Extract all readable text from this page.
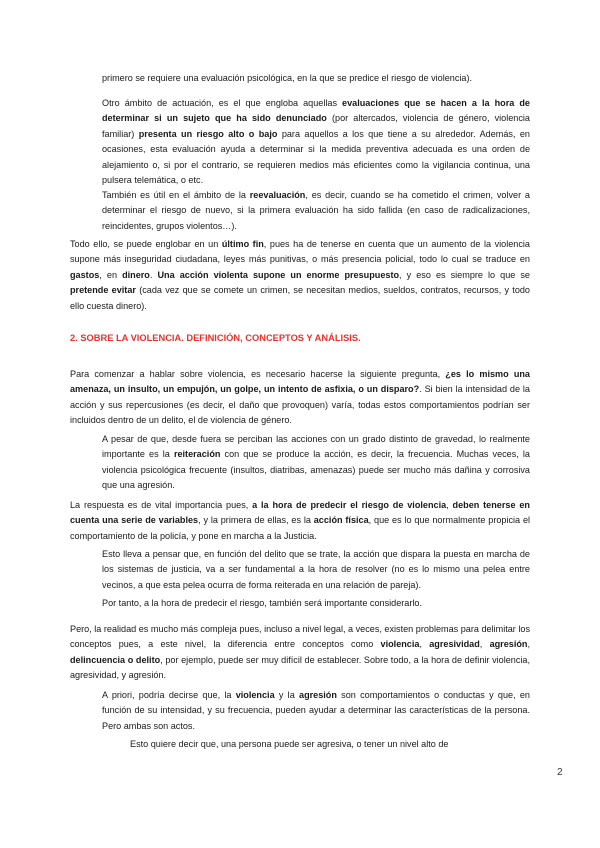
primero se requiere una evaluación psicológica, en la que se predice el riesgo de violencia).

Otro ámbito de actuación, es el que engloba aquellas evaluaciones que se hacen a la hora de determinar si un sujeto que ha sido denunciado (por altercados, violencia de género, violencia familiar) presenta un riesgo alto o bajo para aquellos a los que tiene a su alrededor. Además, en ocasiones, esta evaluación ayuda a determinar si la medida preventiva adecuada es una orden de alejamiento o, si por el contrario, se requieren medios más eficientes como la vigilancia continua, una pulsera telemática, o etc.

También es útil en el ámbito de la reevaluación, es decir, cuando se ha cometido el crimen, volver a determinar el riesgo de nuevo, si la primera evaluación ha sido fallida (en caso de radicalizaciones, reincidentes, grupos violentos…).

Todo ello, se puede englobar en un último fin, pues ha de tenerse en cuenta que un aumento de la violencia supone más inseguridad ciudadana, leyes más punitivas, o más presencia policial, todo lo cual se traduce en gastos, en dinero. Una acción violenta supone un enorme presupuesto, y eso es siempre lo que se pretende evitar (cada vez que se comete un crimen, se necesitan medios, sueldos, contratos, recursos, y todo ello cuesta dinero).

2. SOBRE LA VIOLENCIA. DEFINICIÓN, CONCEPTOS Y ANÁLISIS.

Para comenzar a hablar sobre violencia, es necesario hacerse la siguiente pregunta, ¿es lo mismo una amenaza, un insulto, un empujón, un golpe, un intento de asfixia, o un disparo?. Si bien la intensidad de la acción y sus repercusiones (es decir, el daño que provoquen) varía, todas estos comportamientos podrían ser incluidos dentro de un delito, el de violencia de género.

A pesar de que, desde fuera se perciban las acciones con un grado distinto de gravedad, lo realmente importante es la reiteración con que se produce la acción, es decir, la frecuencia. Muchas veces, la violencia psicológica frecuente (insultos, diatribas, amenazas) puede ser mucho más dañina y corrosiva que una agresión.

La respuesta es de vital importancia pues, a la hora de predecir el riesgo de violencia, deben tenerse en cuenta una serie de variables, y la primera de ellas, es la acción física, que es lo que normalmente propicia el comportamiento de la policía, y pone en marcha a la Justicia.

Esto lleva a pensar que, en función del delito que se trate, la acción que dispara la puesta en marcha de los sistemas de justicia, va a ser fundamental a la hora de resolver (no es lo mismo una pelea entre vecinos, a que esta pelea ocurra de forma reiterada en una relación de pareja).

Por tanto, a la hora de predecir el riesgo, también será importante considerarlo.

Pero, la realidad es mucho más compleja pues, incluso a nivel legal, a veces, existen problemas para delimitar los conceptos pues, a este nivel, la diferencia entre conceptos como violencia, agresividad, agresión, delincuencia o delito, por ejemplo, puede ser muy difícil de establecer. Sobre todo, a la hora de definir violencia, agresividad, y agresión.

A priori, podría decirse que, la violencia y la agresión son comportamientos o conductas y que, en función de su intensidad, y su frecuencia, pueden ayudar a determinar las características de la persona. Pero ambas son actos.

Esto quiere decir que, una persona puede ser agresiva, o tener un nivel alto de

2
